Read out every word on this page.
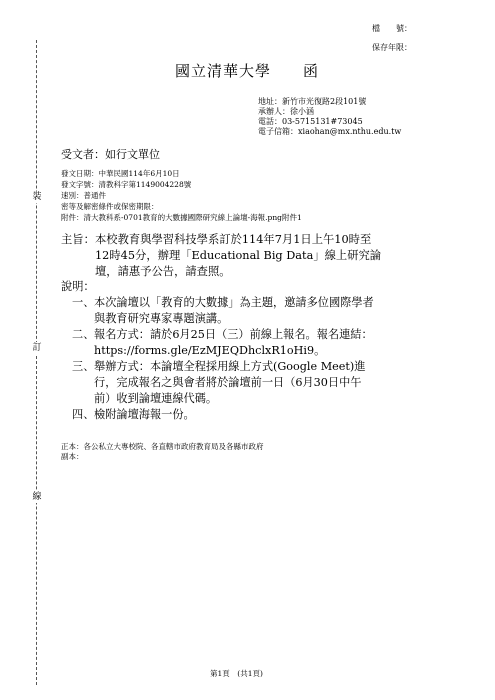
裝
訂
線
檔　　號：
保存年限：
國立清華大學　　函
地址：新竹市光復路2段101號
承辦人：徐小涵
電話：03-5715131#73045
電子信箱：xiaohan@mx.nthu.edu.tw
受文者：如行文單位
發文日期：中華民國114年6月10日
發文字號：清教科字第1149004228號
速別：普通件
密等及解密條件或保密期限：
附件：清大教科系-0701教育的大數據國際研究線上論壇-海報.png附件1
主旨： 本校教育與學習科技學系訂於114年7月1日上午10時至
12時45分，辦理「Educational Big Data」線上研究論
壇，請惠予公告，請查照。
說明：
一、 本次論壇以「教育的大數據」為主題，邀請多位國際學者
與教育研究專家專題演講。
二、 報名方式：請於6月25日（三）前線上報名。報名連結：
https://forms.gle/EzMJEQDhclxR1oHi9。
三、 舉辦方式：本論壇全程採用線上方式(Google Meet)進
行，完成報名之與會者將於論壇前一日（6月30日中午
前）收到論壇連線代碼。
四、 檢附論壇海報一份。
正本：各公私立大專校院、各直轄市政府教育局及各縣市政府
副本：
第1頁　(共1頁)
